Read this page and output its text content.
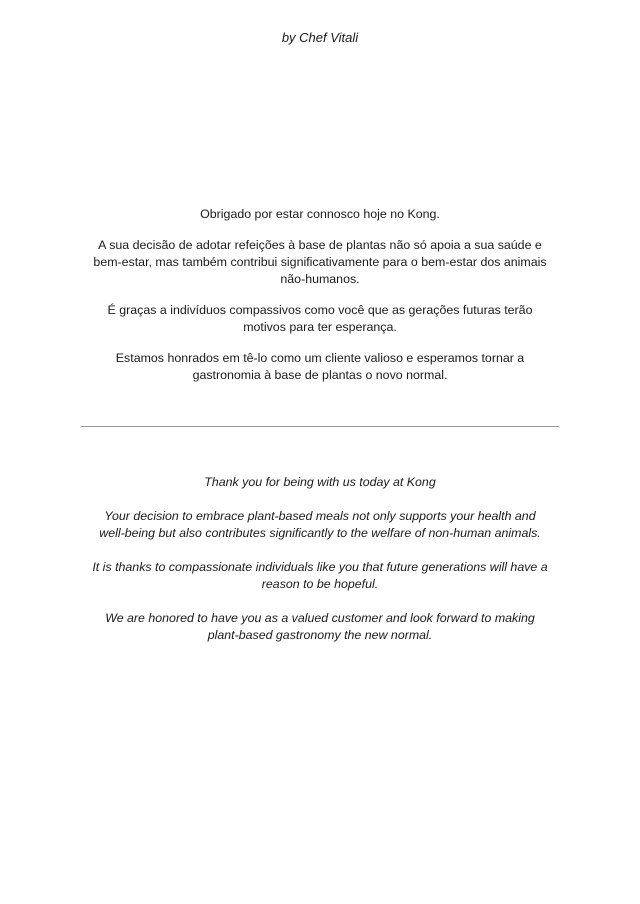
by Chef Vitali

Obrigado por estar connosco hoje no Kong.

A sua decisão de adotar refeições à base de plantas não só apoia a sua saúde e
bem-estar, mas também contribui significativamente para o bem-estar dos animais
não-humanos.

É graças a indivíduos compassivos como você que as gerações futuras terão
motivos para ter esperança.

Estamos honrados em tê-lo como um cliente valioso e esperamos tornar a
gastronomia à base de plantas o novo normal.

Thank you for being with us today at Kong

Your decision to embrace plant-based meals not only supports your health and
well-being but also contributes significantly to the welfare of non-human animals.

It is thanks to compassionate individuals like you that future generations will have a
reason to be hopeful.

We are honored to have you as a valued customer and look forward to making
plant-based gastronomy the new normal.
